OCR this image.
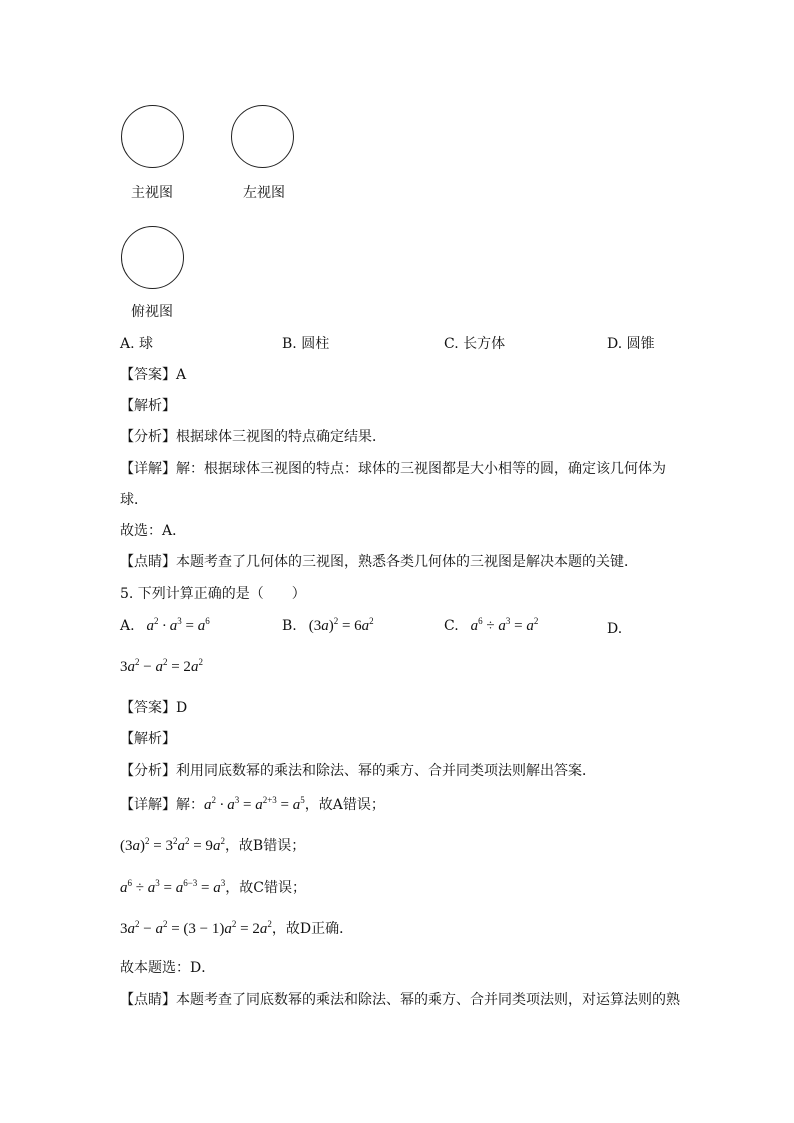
主视图	左视图
俯视图
A. 球	B. 圆柱	C. 长方体	D. 圆锥
【答案】A
【解析】
【分析】根据球体三视图的特点确定结果．
【详解】解：根据球体三视图的特点：球体的三视图都是大小相等的圆，确定该几何体为
球．
故选：A．
【点睛】本题考查了几何体的三视图，熟悉各类几何体的三视图是解决本题的关键．
5. 下列计算正确的是（　　）
A.   $a^2 \cdot a^3 = a^6$	B. $(3a)^2 = 6a^2$	C.   $a^6 \div a^3 = a^2$	D.
$3a^2 - a^2 = 2a^2$
【答案】D
【解析】
【分析】利用同底数幂的乘法和除法、幂的乘方、合并同类项法则解出答案．
【详解】解：$a^2 \cdot a^3 = a^{2+3} = a^5$，故A错误；
$(3a)^2 = 3^2a^2 = 9a^2$，故B错误；
$a^6 \div a^3 = a^{6-3} = a^3$，故C错误；
$3a^2 - a^2 = (3 - 1)a^2 = 2a^2$，故D正确．
故本题选：D．
【点睛】本题考查了同底数幂的乘法和除法、幂的乘方、合并同类项法则，对运算法则的熟
